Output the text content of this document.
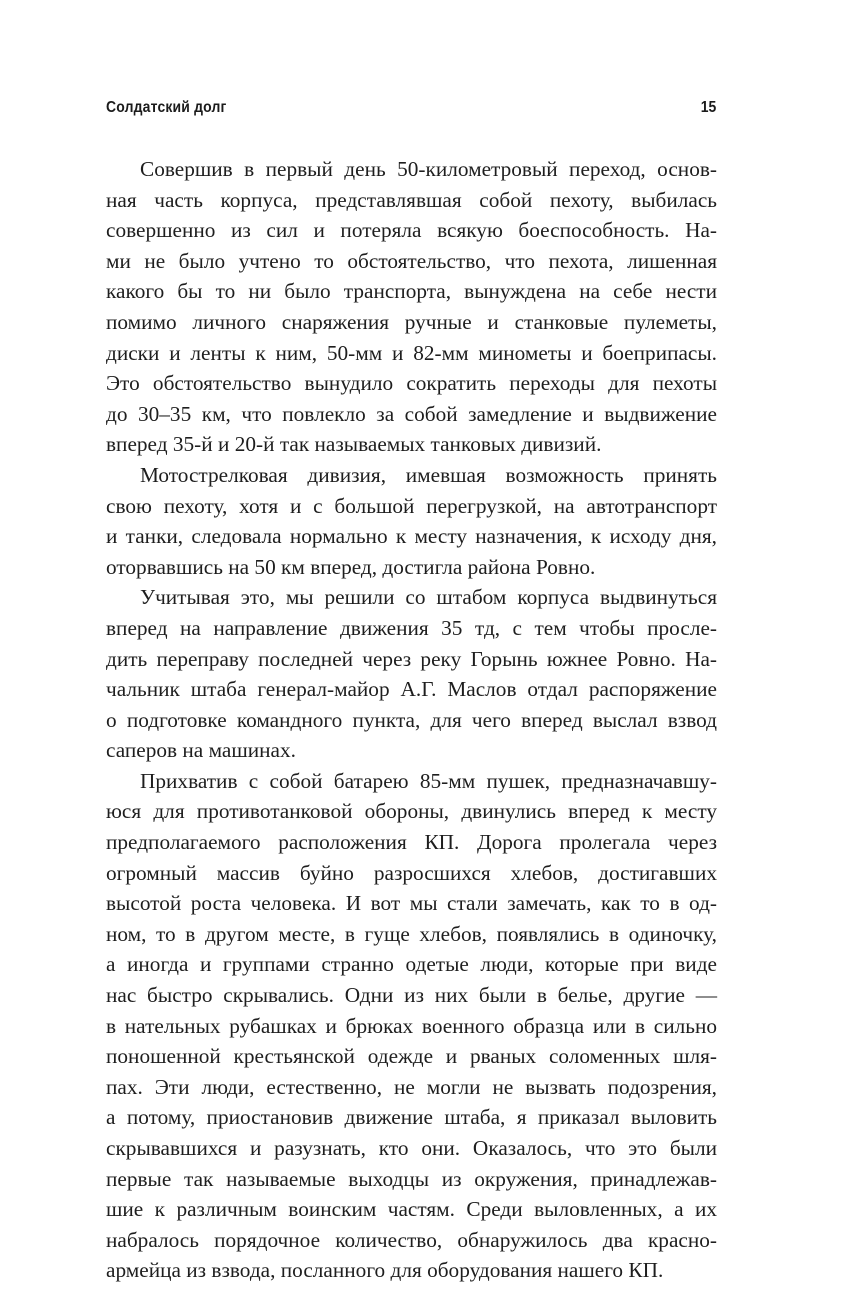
Солдатский долг	15
Совершив в первый день 50-километровый переход, основ-
ная часть корпуса, представлявшая собой пехоту, выбилась
совершенно из сил и потеряла всякую боеспособность. На-
ми не было учтено то обстоятельство, что пехота, лишенная
какого бы то ни было транспорта, вынуждена на себе нести
помимо личного снаряжения ручные и станковые пулеметы,
диски и ленты к ним, 50-мм и 82-мм минометы и боеприпасы.
Это обстоятельство вынудило сократить переходы для пехоты
до 30–35 км, что повлекло за собой замедление и выдвижение
вперед 35-й и 20-й так называемых танковых дивизий.
Мотострелковая дивизия, имевшая возможность принять
свою пехоту, хотя и с большой перегрузкой, на автотранспорт
и танки, следовала нормально к месту назначения, к исходу дня,
оторвавшись на 50 км вперед, достигла района Ровно.
Учитывая это, мы решили со штабом корпуса выдвинуться
вперед на направление движения 35 тд, с тем чтобы просле-
дить переправу последней через реку Горынь южнее Ровно. На-
чальник штаба генерал-майор А.Г. Маслов отдал распоряжение
о подготовке командного пункта, для чего вперед выслал взвод
саперов на машинах.
Прихватив с собой батарею 85-мм пушек, предназначавшу-
юся для противотанковой обороны, двинулись вперед к месту
предполагаемого расположения КП. Дорога пролегала через
огромный массив буйно разросшихся хлебов, достигавших
высотой роста человека. И вот мы стали замечать, как то в од-
ном, то в другом месте, в гуще хлебов, появлялись в одиночку,
а иногда и группами странно одетые люди, которые при виде
нас быстро скрывались. Одни из них были в белье, другие —
в нательных рубашках и брюках военного образца или в сильно
поношенной крестьянской одежде и рваных соломенных шля-
пах. Эти люди, естественно, не могли не вызвать подозрения,
а потому, приостановив движение штаба, я приказал выловить
скрывавшихся и разузнать, кто они. Оказалось, что это были
первые так называемые выходцы из окружения, принадлежав-
шие к различным воинским частям. Среди выловленных, а их
набралось порядочное количество, обнаружилось два красно-
армейца из взвода, посланного для оборудования нашего КП.
